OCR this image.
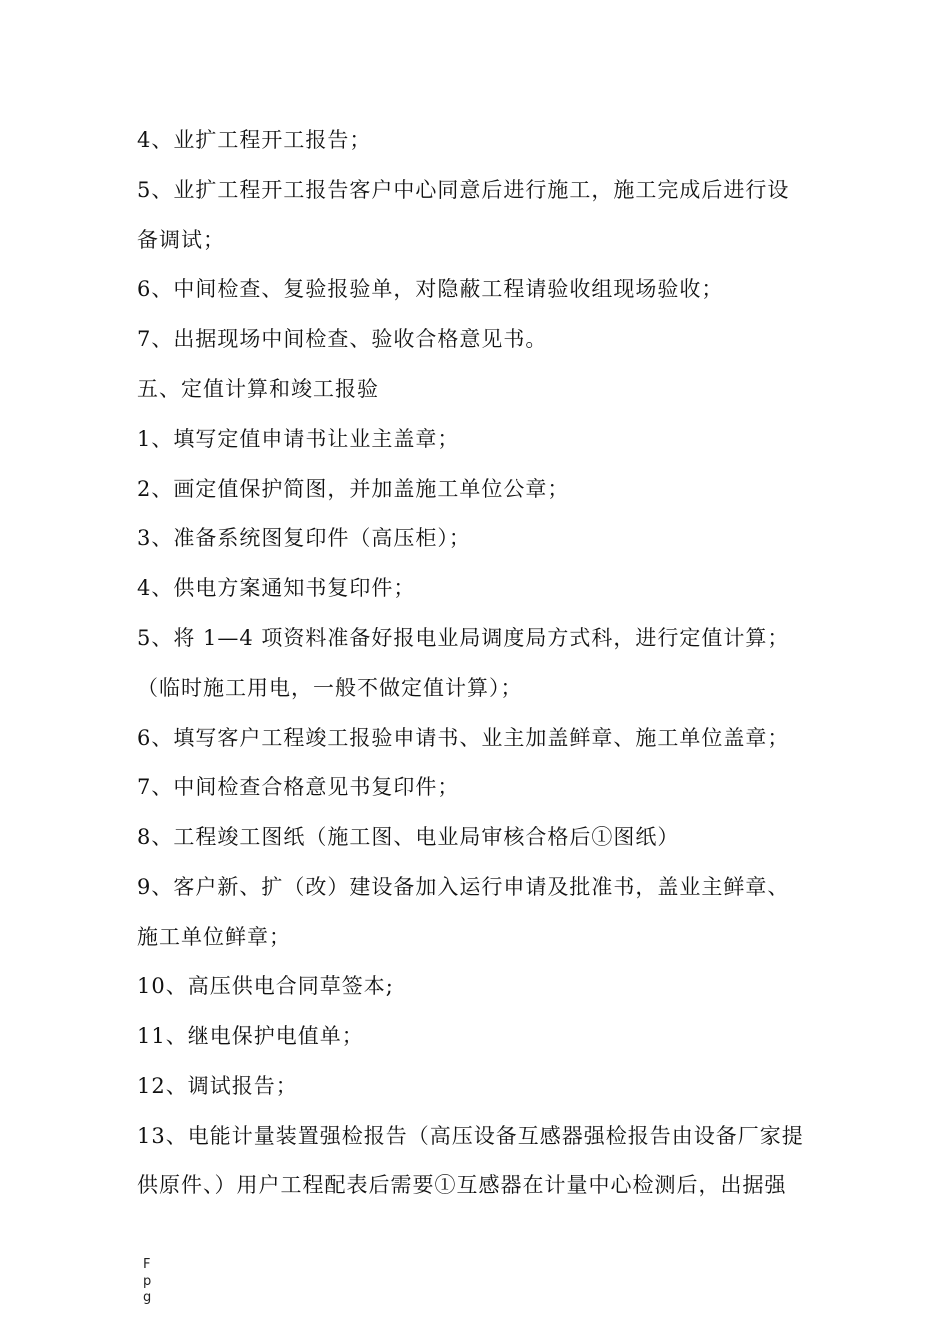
4、业扩工程开工报告；
5、业扩工程开工报告客户中心同意后进行施工，施工完成后进行设
备调试；
6、中间检查、复验报验单，对隐蔽工程请验收组现场验收；
7、出据现场中间检查、验收合格意见书。
五、定值计算和竣工报验
1、填写定值申请书让业主盖章；
2、画定值保护简图，并加盖施工单位公章；
3、准备系统图复印件（高压柜）；
4、供电方案通知书复印件；
5、将 1—4 项资料准备好报电业局调度局方式科，进行定值计算；
（临时施工用电，一般不做定值计算）；
6、填写客户工程竣工报验申请书、业主加盖鲜章、施工单位盖章；
7、中间检查合格意见书复印件；
8、工程竣工图纸（施工图、电业局审核合格后①图纸）
9、客户新、扩（改）建设备加入运行申请及批准书，盖业主鲜章、
施工单位鲜章；
10、高压供电合同草签本;
11、继电保护电值单；
12、调试报告；
13、电能计量装置强检报告（高压设备互感器强检报告由设备厂家提
供原件、）用户工程配表后需要①互感器在计量中心检测后，出据强
F
p
g
